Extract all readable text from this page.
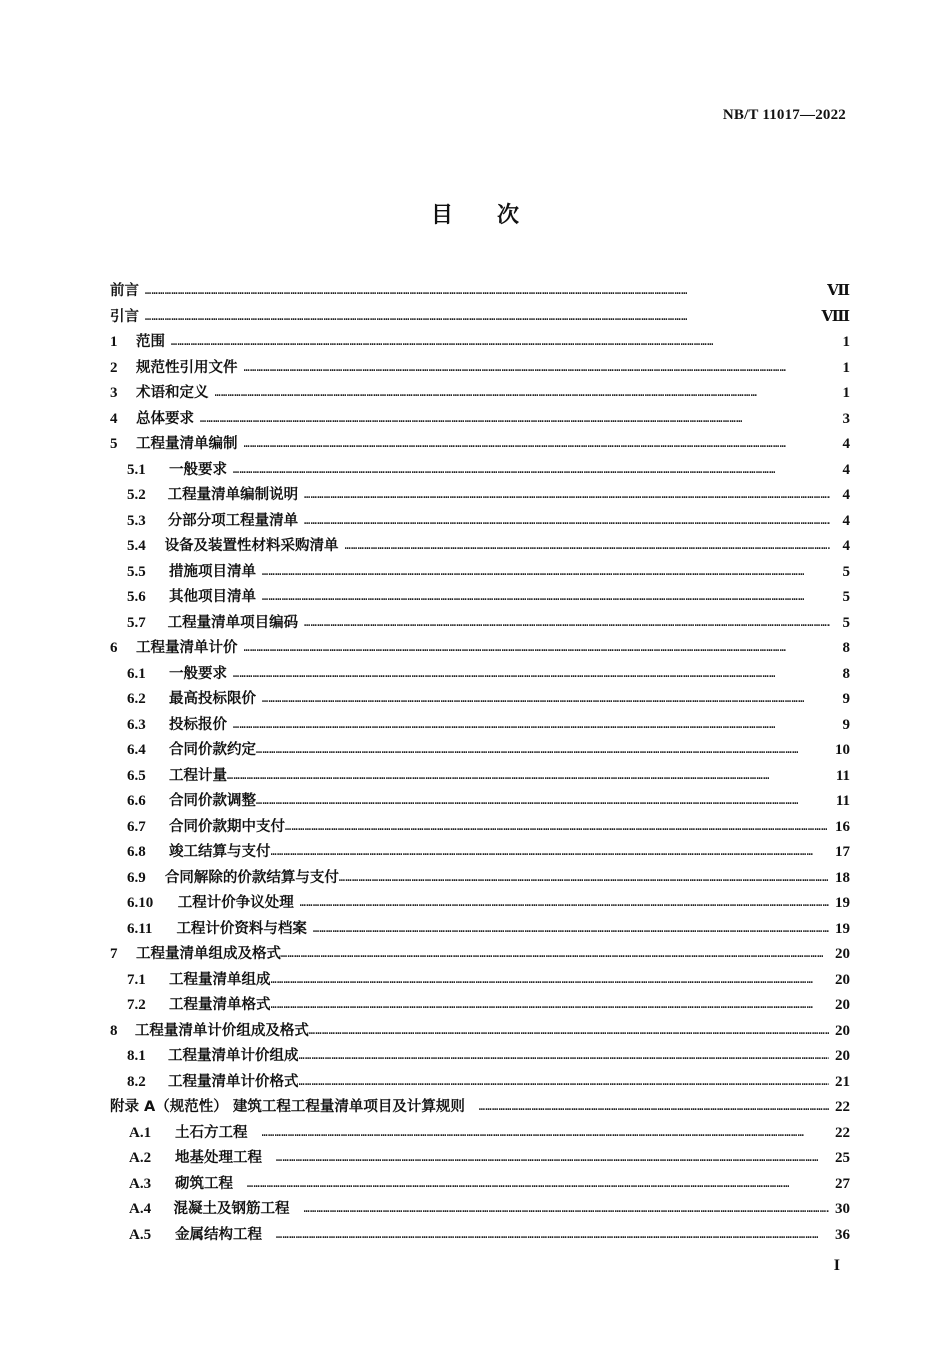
NB/T 11017—2022
目 次
前言 …………………………………………………………………………………………………………………………………………………………………………………………………………………………	Ⅶ
引言 …………………………………………………………………………………………………………………………………………………………………………………………………………………………	Ⅷ
1	范围 …………………………………………………………………………………………………………………………………………………………………………………………………………………………	1
2	规范性引用文件 …………………………………………………………………………………………………………………………………………………………………………………………………………………………	1
3	术语和定义 …………………………………………………………………………………………………………………………………………………………………………………………………………………………	1
4	总体要求 …………………………………………………………………………………………………………………………………………………………………………………………………………………………	3
5	工程量清单编制 …………………………………………………………………………………………………………………………………………………………………………………………………………………………	4
5.1	一般要求 …………………………………………………………………………………………………………………………………………………………………………………………………………………………	4
5.2	工程量清单编制说明 …………………………………………………………………………………………………………………………………………………………………………………………………………………………	4
5.3	分部分项工程量清单 …………………………………………………………………………………………………………………………………………………………………………………………………………………………	4
5.4	设备及装置性材料采购清单 …………………………………………………………………………………………………………………………………………………………………………………………………………………………	4
5.5	措施项目清单 …………………………………………………………………………………………………………………………………………………………………………………………………………………………	5
5.6	其他项目清单 …………………………………………………………………………………………………………………………………………………………………………………………………………………………	5
5.7	工程量清单项目编码 …………………………………………………………………………………………………………………………………………………………………………………………………………………………	5
6	工程量清单计价 …………………………………………………………………………………………………………………………………………………………………………………………………………………………	8
6.1	一般要求 …………………………………………………………………………………………………………………………………………………………………………………………………………………………	8
6.2	最高投标限价 …………………………………………………………………………………………………………………………………………………………………………………………………………………………	9
6.3	投标报价 …………………………………………………………………………………………………………………………………………………………………………………………………………………………	9
6.4	合同价款约定 …………………………………………………………………………………………………………………………………………………………………………………………………………………………	10
6.5	工程计量 …………………………………………………………………………………………………………………………………………………………………………………………………………………………	11
6.6	合同价款调整 …………………………………………………………………………………………………………………………………………………………………………………………………………………………	11
6.7	合同价款期中支付 …………………………………………………………………………………………………………………………………………………………………………………………………………………………	16
6.8	竣工结算与支付 …………………………………………………………………………………………………………………………………………………………………………………………………………………………	17
6.9	合同解除的价款结算与支付 …………………………………………………………………………………………………………………………………………………………………………………………………………………………	18
6.10	工程计价争议处理 …………………………………………………………………………………………………………………………………………………………………………………………………………………………	19
6.11	工程计价资料与档案 …………………………………………………………………………………………………………………………………………………………………………………………………………………………	19
7	工程量清单组成及格式 …………………………………………………………………………………………………………………………………………………………………………………………………………………………	20
7.1	工程量清单组成 …………………………………………………………………………………………………………………………………………………………………………………………………………………………	20
7.2	工程量清单格式 …………………………………………………………………………………………………………………………………………………………………………………………………………………………	20
8	工程量清单计价组成及格式 …………………………………………………………………………………………………………………………………………………………………………………………………………………………	20
8.1	工程量清单计价组成 …………………………………………………………………………………………………………………………………………………………………………………………………………………………	20
8.2	工程量清单计价格式 …………………………………………………………………………………………………………………………………………………………………………………………………………………………	21
附录 A（规范性） 建筑工程工程量清单项目及计算规则 …………………………………………………………………………………………………………………………………………………………………………………………………………………………	22
A.1	土石方工程 …………………………………………………………………………………………………………………………………………………………………………………………………………………………	22
A.2	地基处理工程 …………………………………………………………………………………………………………………………………………………………………………………………………………………………	25
A.3	砌筑工程 …………………………………………………………………………………………………………………………………………………………………………………………………………………………	27
A.4	混凝土及钢筋工程 …………………………………………………………………………………………………………………………………………………………………………………………………………………………	30
A.5	金属结构工程 …………………………………………………………………………………………………………………………………………………………………………………………………………………………	36
I
